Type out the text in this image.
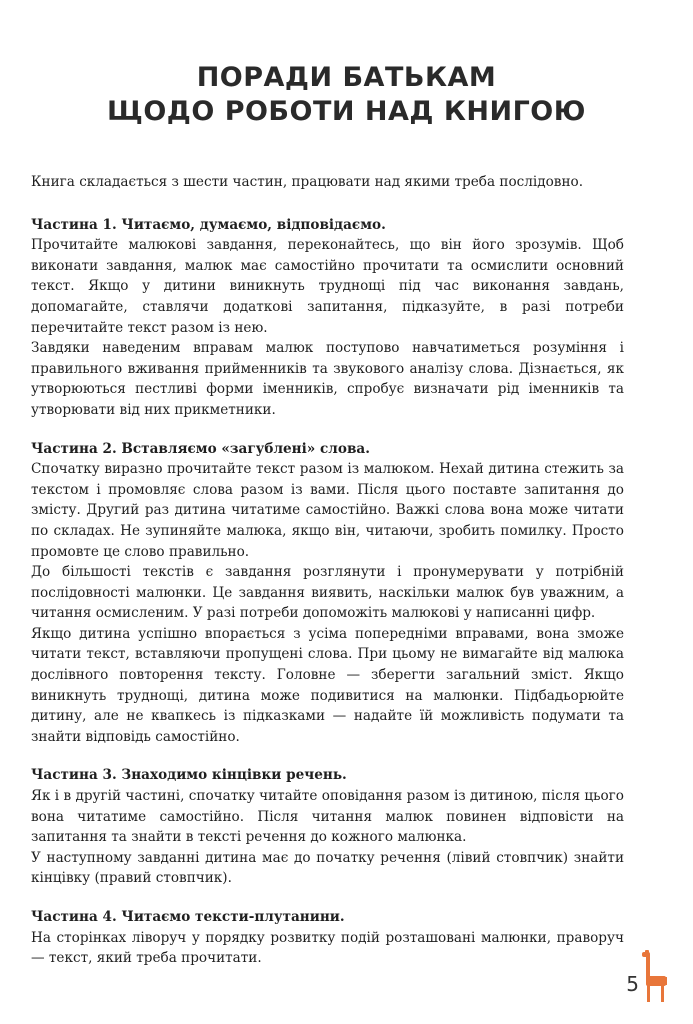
ПОРАДИ БАТЬКАМ
ЩОДО РОБОТИ НАД КНИГОЮ

Книга складається з шести частин, працювати над якими треба послідовно.

Частина 1. Читаємо, думаємо, відповідаємо.

Прочитайте малюкові завдання, переконайтесь, що він його зрозумів. Щоб виконати завдання, малюк має самостійно прочитати та осмислити основний текст. Якщо у дитини виникнуть труднощі під час виконання завдань, допомагайте, ставлячи додаткові запитання, підказуйте, в разі потреби перечитайте текст разом із нею.

Завдяки наведеним вправам малюк поступово навчатиметься розуміння і правильного вживання прийменників та звукового аналізу слова. Дізнається, як утворюються пестливі форми іменників, спробує визначати рід іменників та утворювати від них прикметники.

Частина 2. Вставляємо «загублені» слова.

Спочатку виразно прочитайте текст разом із малюком. Нехай дитина стежить за текстом і промовляє слова разом із вами. Після цього поставте запитання до змісту. Другий раз дитина читатиме самостійно. Важкі слова вона може читати по складах. Не зупиняйте малюка, якщо він, читаючи, зробить помилку. Просто промовте це слово правильно.

До більшості текстів є завдання розглянути і пронумерувати у потрібній послідовності малюнки. Це завдання виявить, наскільки малюк був уважним, а читання осмисленим. У разі потреби допоможіть малюкові у написанні цифр.

Якщо дитина успішно впорається з усіма попередніми вправами, вона зможе читати текст, вставляючи пропущені слова. При цьому не вимагайте від малюка дослівного повторення тексту. Головне — зберегти загальний зміст. Якщо виникнуть труднощі, дитина може подивитися на малюнки. Підбадьорюйте дитину, але не квапкесь із підказками — надайте їй можливість подумати та знайти відповідь самостійно.

Частина 3. Знаходимо кінцівки речень.

Як і в другій частині, спочатку читайте оповідання разом із дитиною, після цього вона читатиме самостійно. Після читання малюк повинен відповісти на запитання та знайти в тексті речення до кожного малюнка.

У наступному завданні дитина має до початку речення (лівий стовпчик) знайти кінцівку (правий стовпчик).

Частина 4. Читаємо тексти-плутанини.

На сторінках ліворуч у порядку розвитку подій розташовані малюнки, праворуч — текст, який треба прочитати.

5
